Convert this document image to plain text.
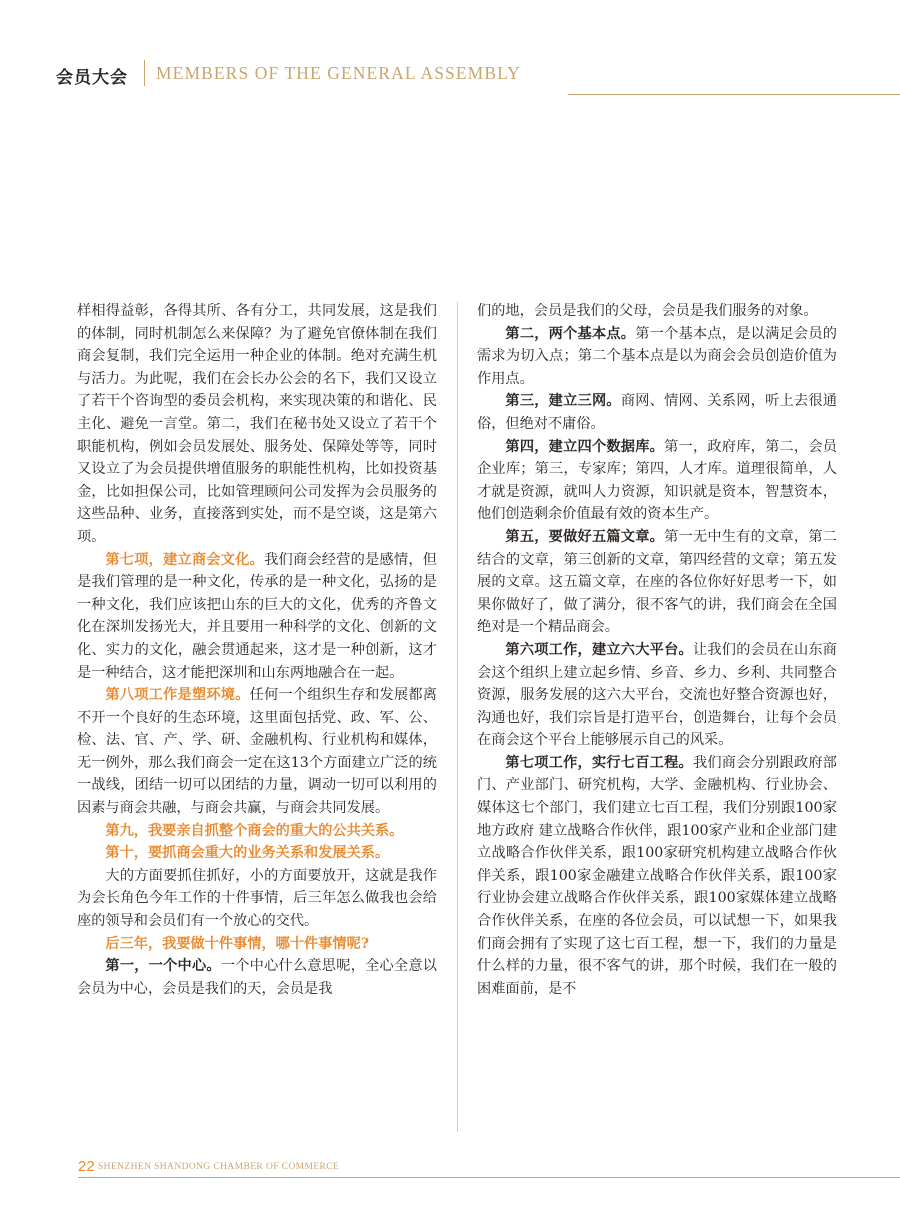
会员大会 MEMBERS OF THE GENERAL ASSEMBLY

样相得益彰，各得其所、各有分工，共同发展，这是我们的体制，同时机制怎么来保障？为了避免官僚体制在我们商会复制，我们完全运用一种企业的体制。绝对充满生机与活力。为此呢，我们在会长办公会的名下，我们又设立了若干个咨询型的委员会机构，来实现决策的和谐化、民主化、避免一言堂。第二，我们在秘书处又设立了若干个职能机构，例如会员发展处、服务处、保障处等等，同时又设立了为会员提供增值服务的职能性机构，比如投资基金，比如担保公司，比如管理顾问公司发挥为会员服务的这些品种、业务，直接落到实处，而不是空谈，这是第六项。

第七项，建立商会文化。我们商会经营的是感情，但是我们管理的是一种文化，传承的是一种文化，弘扬的是一种文化，我们应该把山东的巨大的文化，优秀的齐鲁文化在深圳发扬光大，并且要用一种科学的文化、创新的文化、实力的文化，融会贯通起来，这才是一种创新，这才是一种结合，这才能把深圳和山东两地融合在一起。

第八项工作是塑环境。任何一个组织生存和发展都离不开一个良好的生态环境，这里面包括党、政、军、公、检、法、官、产、学、研、金融机构、行业机构和媒体，无一例外，那么我们商会一定在这13个方面建立广泛的统一战线，团结一切可以团结的力量，调动一切可以利用的因素与商会共融，与商会共赢，与商会共同发展。

第九，我要亲自抓整个商会的重大的公共关系。

第十，要抓商会重大的业务关系和发展关系。

大的方面要抓住抓好，小的方面要放开，这就是我作为会长角色今年工作的十件事情，后三年怎么做我也会给座的领导和会员们有一个放心的交代。

后三年，我要做十件事情，哪十件事情呢?

第一，一个中心。一个中心什么意思呢，全心全意以会员为中心，会员是我们的天，会员是我

们的地，会员是我们的父母，会员是我们服务的对象。

第二，两个基本点。第一个基本点，是以满足会员的需求为切入点；第二个基本点是以为商会会员创造价值为作用点。

第三，建立三网。商网、情网、关系网，听上去很通俗，但绝对不庸俗。

第四，建立四个数据库。第一，政府库，第二，会员企业库；第三，专家库；第四，人才库。道理很简单，人才就是资源，就叫人力资源，知识就是资本，智慧资本，他们创造剩余价值最有效的资本生产。

第五，要做好五篇文章。第一无中生有的文章，第二结合的文章，第三创新的文章，第四经营的文章；第五发展的文章。这五篇文章，在座的各位你好好思考一下，如果你做好了，做了满分，很不客气的讲，我们商会在全国绝对是一个精品商会。

第六项工作，建立六大平台。让我们的会员在山东商会这个组织上建立起乡情、乡音、乡力、乡利、共同整合资源，服务发展的这六大平台，交流也好整合资源也好，沟通也好，我们宗旨是打造平台，创造舞台，让每个会员在商会这个平台上能够展示自己的风采。

第七项工作，实行七百工程。我们商会分别跟政府部门、产业部门、研究机构，大学、金融机构、行业协会、媒体这七个部门，我们建立七百工程，我们分别跟100家地方政府 建立战略合作伙伴，跟100家产业和企业部门建立战略合作伙伴关系，跟100家研究机构建立战略合作伙伴关系，跟100家金融建立战略合作伙伴关系，跟100家行业协会建立战略合作伙伴关系，跟100家媒体建立战略合作伙伴关系，在座的各位会员，可以试想一下，如果我们商会拥有了实现了这七百工程，想一下，我们的力量是什么样的力量，很不客气的讲，那个时候，我们在一般的困难面前，是不

22 SHENZHEN SHANDONG CHAMBER OF COMMERCE
